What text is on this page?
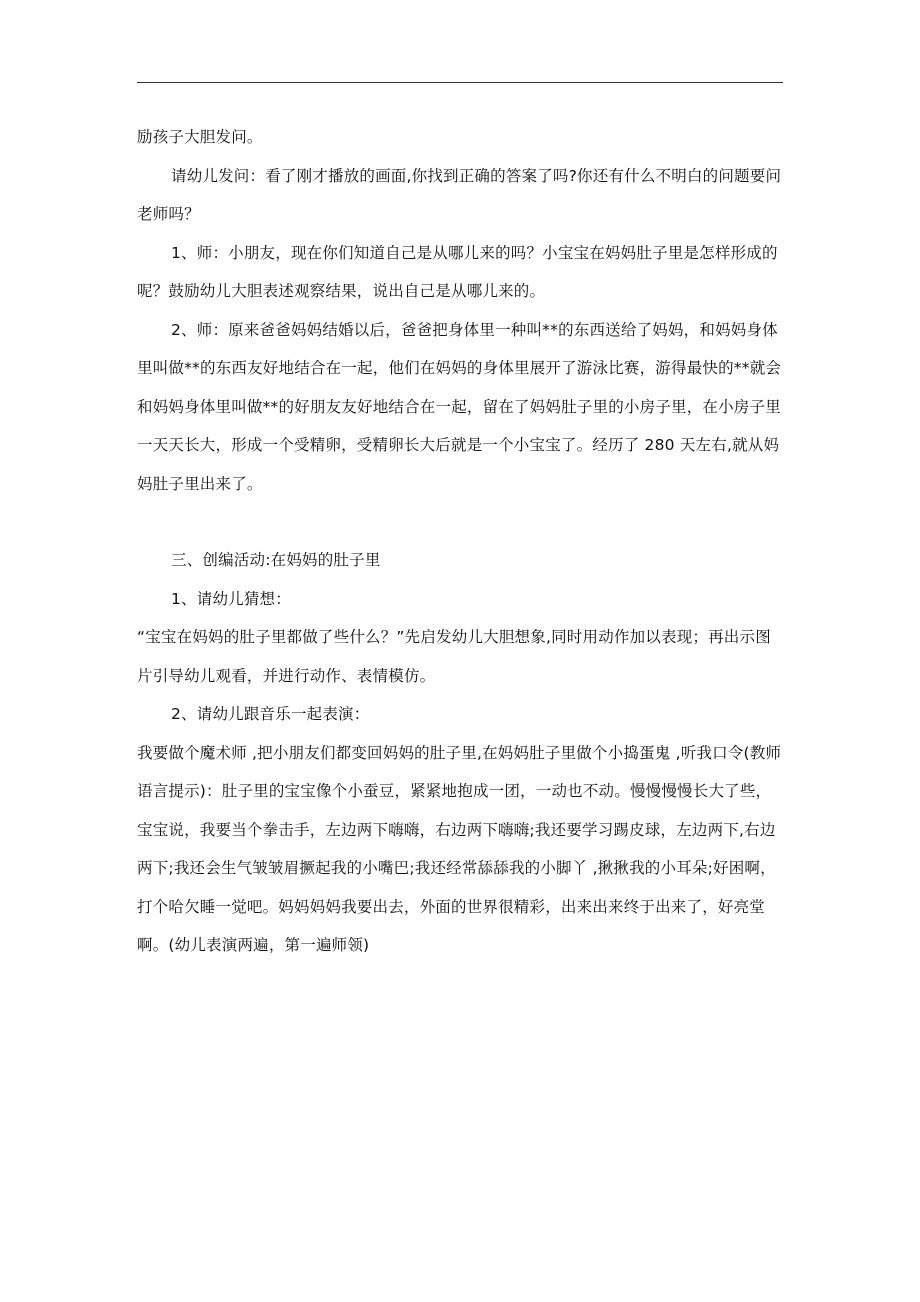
励孩子大胆发问。

请幼儿发问：看了刚才播放的画面,你找到正确的答案了吗?你还有什么不明白的问题要问老师吗？

1、师：小朋友，现在你们知道自己是从哪儿来的吗？小宝宝在妈妈肚子里是怎样形成的呢？鼓励幼儿大胆表述观察结果，说出自己是从哪儿来的。

2、师：原来爸爸妈妈结婚以后，爸爸把身体里一种叫**的东西送给了妈妈，和妈妈身体里叫做**的东西友好地结合在一起，他们在妈妈的身体里展开了游泳比赛，游得最快的**就会和妈妈身体里叫做**的好朋友友好地结合在一起，留在了妈妈肚子里的小房子里，在小房子里一天天长大，形成一个受精卵，受精卵长大后就是一个小宝宝了。经历了 280 天左右,就从妈妈肚子里出来了。

三、创编活动:在妈妈的肚子里

1、请幼儿猜想：

“宝宝在妈妈的肚子里都做了些什么？”先启发幼儿大胆想象,同时用动作加以表现；再出示图片引导幼儿观看，并进行动作、表情模仿。

2、请幼儿跟音乐一起表演：

我要做个魔术师 ,把小朋友们都变回妈妈的肚子里,在妈妈肚子里做个小捣蛋鬼 ,听我口令(教师语言提示)：肚子里的宝宝像个小蚕豆，紧紧地抱成一团，一动也不动。慢慢慢慢长大了些，宝宝说，我要当个拳击手，左边两下嗨嗨，右边两下嗨嗨;我还要学习踢皮球，左边两下,右边两下;我还会生气皱皱眉撅起我的小嘴巴;我还经常舔舔我的小脚丫 ,揪揪我的小耳朵;好困啊，打个哈欠睡一觉吧。妈妈妈妈我要出去，外面的世界很精彩，出来出来终于出来了，好亮堂啊。(幼儿表演两遍，第一遍师领)
